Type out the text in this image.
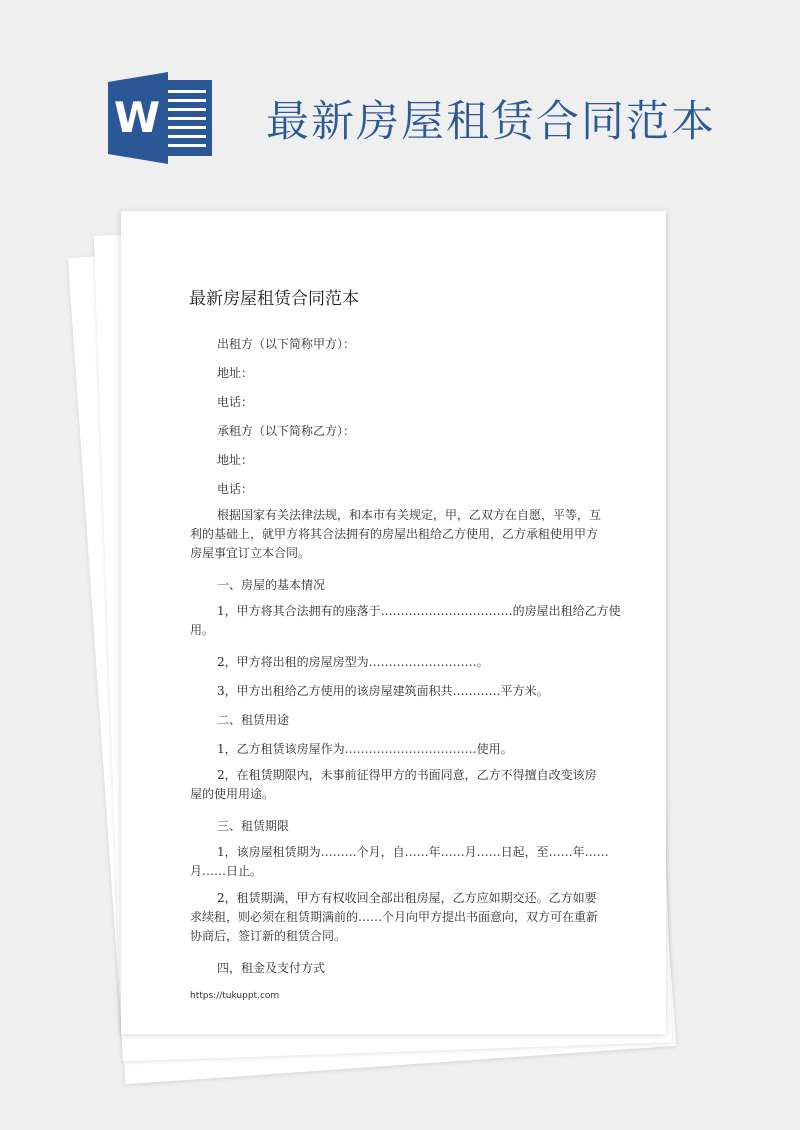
W 最新房屋租赁合同范本
最新房屋租赁合同范本

出租方（以下简称甲方）：

地址：

电话：

承租方（以下简称乙方）：

地址：

电话：

根据国家有关法律法规，和本市有关规定，甲，乙双方在自愿，平等，互
利的基础上，就甲方将其合法拥有的房屋出租给乙方使用，乙方承租使用甲方
房屋事宜订立本合同。

一、房屋的基本情况

1，甲方将其合法拥有的座落于……………………………的房屋出租给乙方使
用。

2，甲方将出租的房屋房型为………………………。

3，甲方出租给乙方使用的该房屋建筑面积共…………平方米。

二、租赁用途

1，乙方租赁该房屋作为……………………………使用。

2，在租赁期限内，未事前征得甲方的书面同意，乙方不得擅自改变该房
屋的使用用途。

三、租赁期限

1，该房屋租赁期为………个月，自……年……月……日起，至……年……
月……日止。

2，租赁期满，甲方有权收回全部出租房屋，乙方应如期交还。乙方如要
求续租，则必须在租赁期满前的……个月向甲方提出书面意向，双方可在重新
协商后，签订新的租赁合同。

四，租金及支付方式

https://tukuppt.com
